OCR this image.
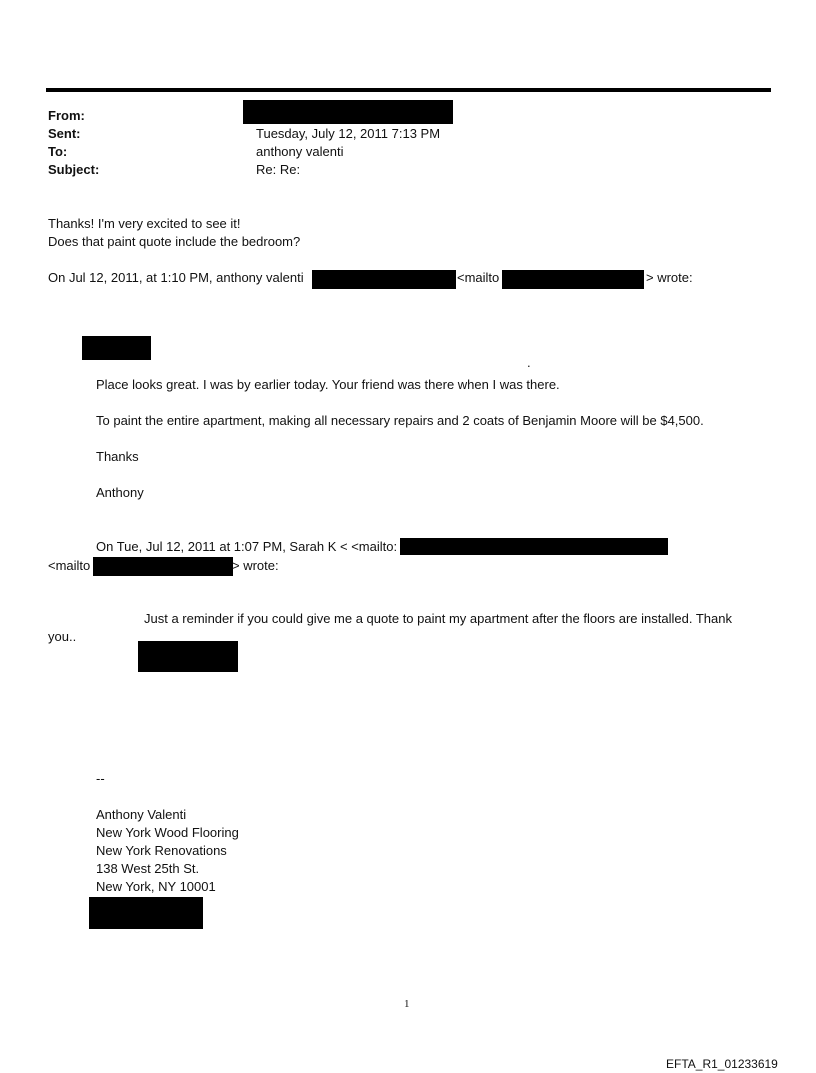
From:
Sent:	Tuesday, July 12, 2011 7:13 PM
To:	anthony valenti
Subject:	Re: Re:
Thanks! I'm very excited to see it!
Does that paint quote include the bedroom?
On Jul 12, 2011, at 1:10 PM, anthony valenti	<mailto	> wrote:
.
Place looks great. I was by earlier today. Your friend was there when I was there.
To paint the entire apartment, making all necessary repairs and 2 coats of Benjamin Moore will be $4,500.
Thanks
Anthony
On Tue, Jul 12, 2011 at 1:07 PM, Sarah K < <mailto:
<mailto	> wrote:
Just a reminder if you could give me a quote to paint my apartment after the floors are installed. Thank
you..
--
Anthony Valenti
New York Wood Flooring
New York Renovations
138 West 25th St.
New York, NY 10001
1
EFTA_R1_01233619
